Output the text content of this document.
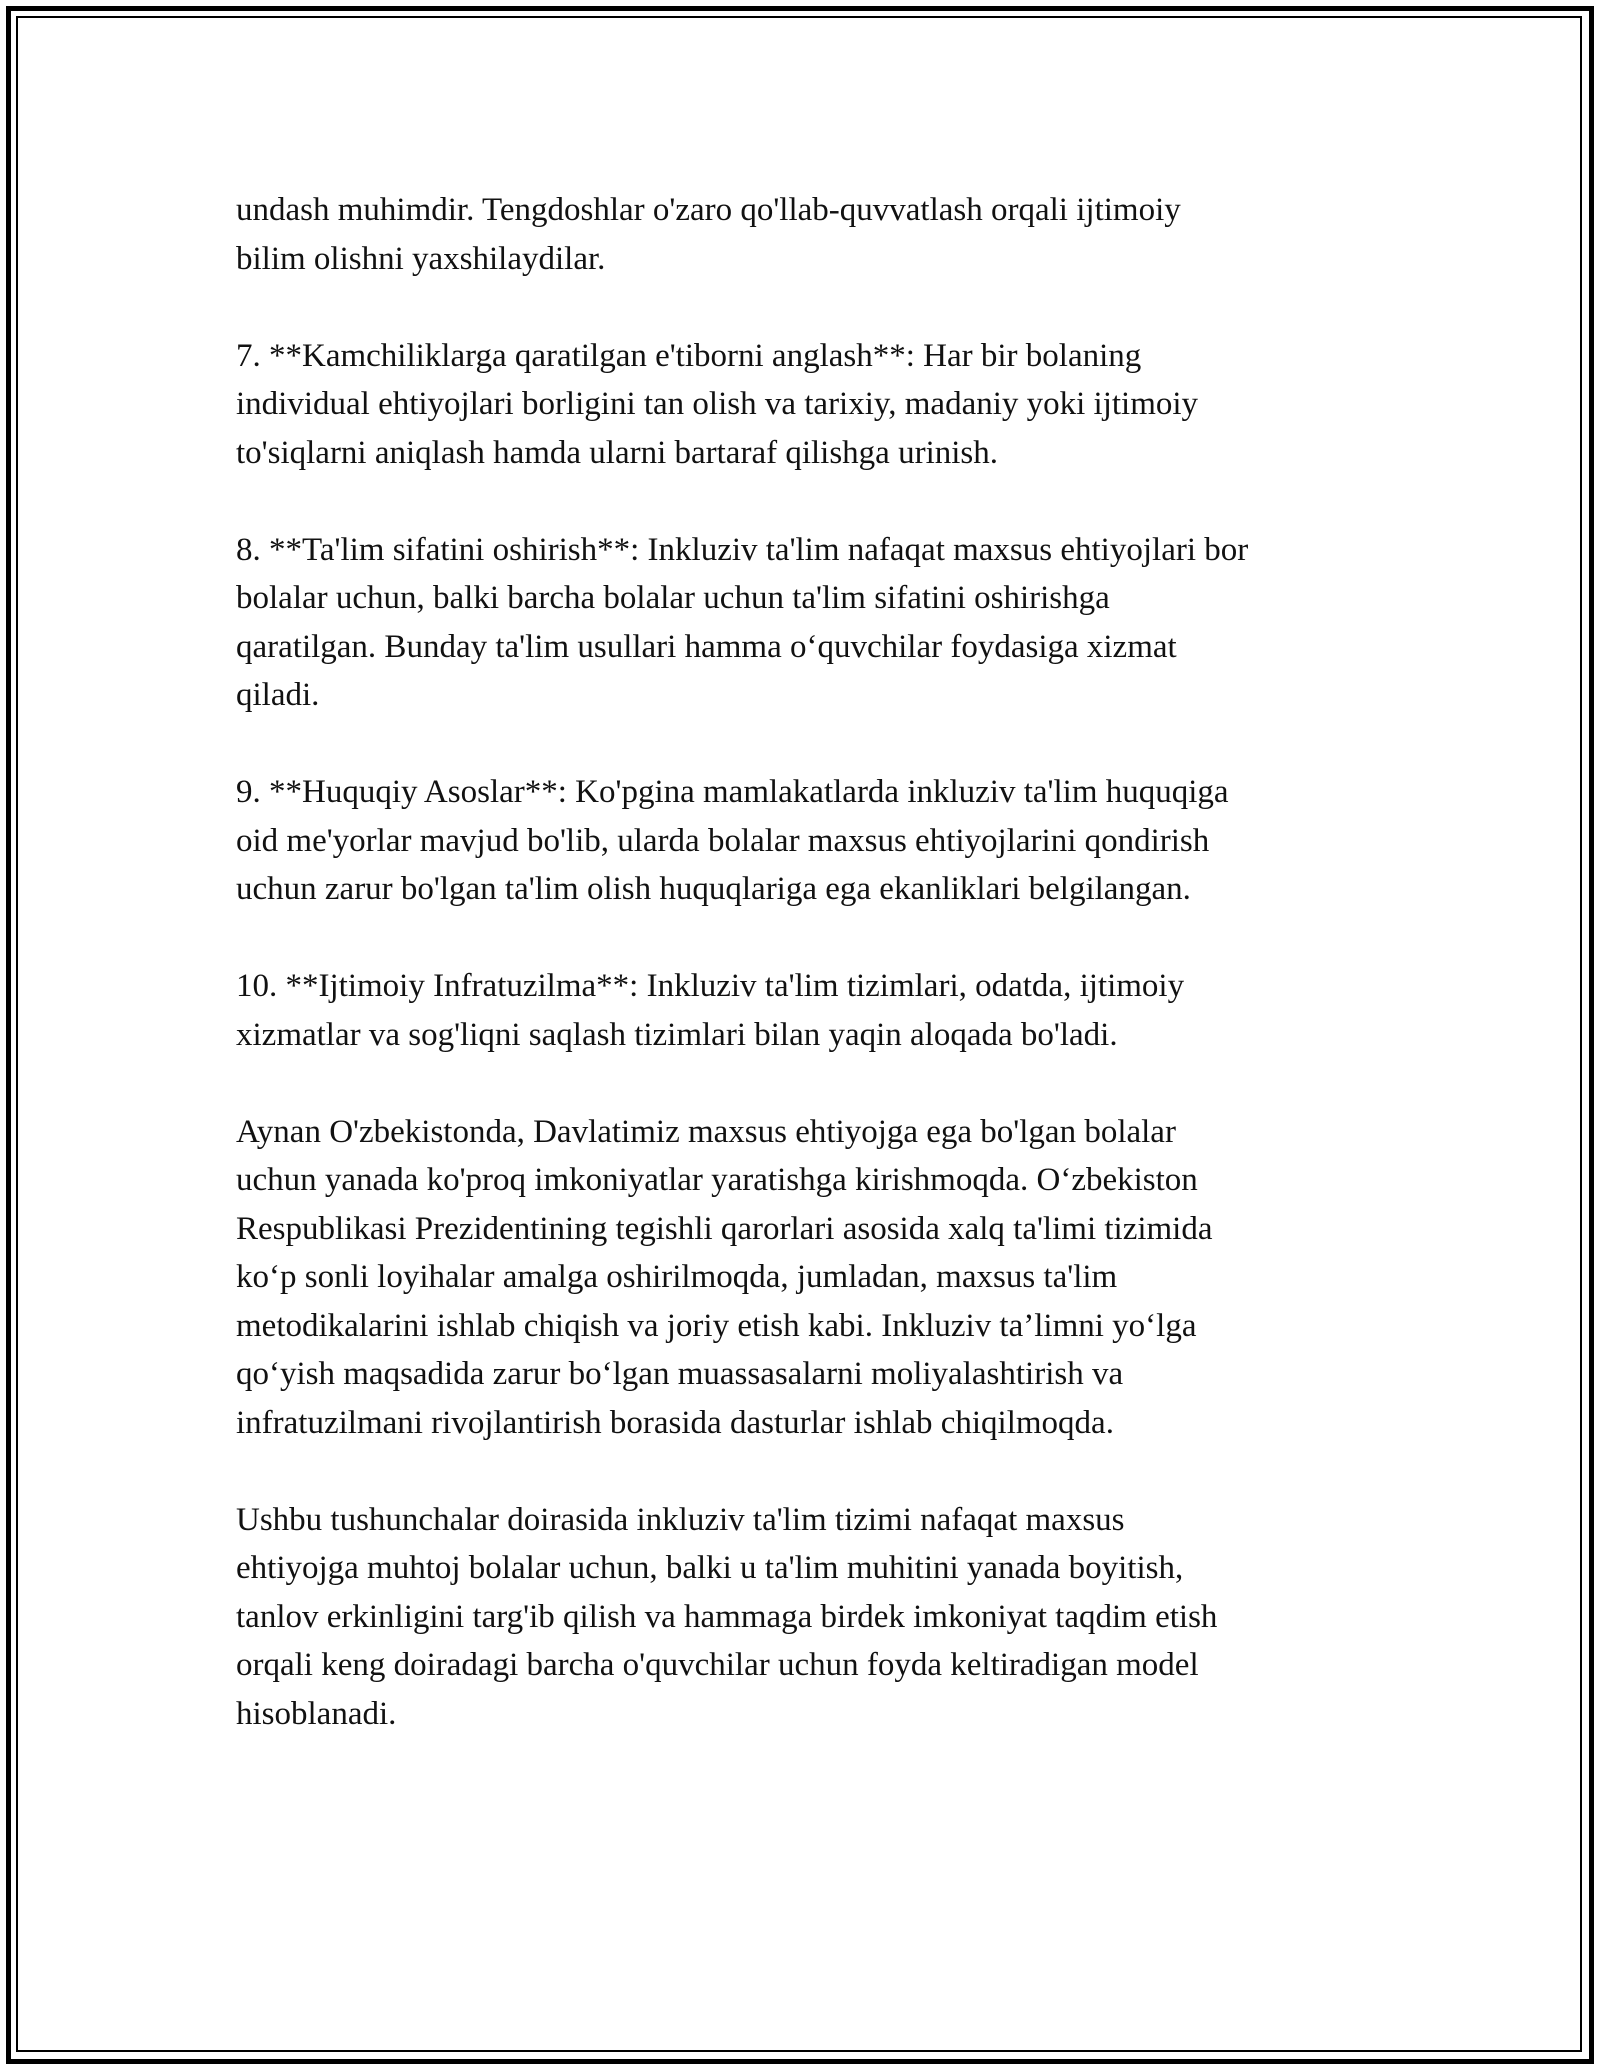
undash muhimdir. Tengdoshlar o'zaro qo'llab-quvvatlash orqali ijtimoiy
bilim olishni yaxshilaydilar.
7. **Kamchiliklarga qaratilgan e'tiborni anglash**: Har bir bolaning
individual ehtiyojlari borligini tan olish va tarixiy, madaniy yoki ijtimoiy
to'siqlarni aniqlash hamda ularni bartaraf qilishga urinish.
8. **Ta'lim sifatini oshirish**: Inkluziv ta'lim nafaqat maxsus ehtiyojlari bor
bolalar uchun, balki barcha bolalar uchun ta'lim sifatini oshirishga
qaratilgan. Bunday ta'lim usullari hamma o‘quvchilar foydasiga xizmat
qiladi.
9. **Huquqiy Asoslar**: Ko'pgina mamlakatlarda inkluziv ta'lim huquqiga
oid me'yorlar mavjud bo'lib, ularda bolalar maxsus ehtiyojlarini qondirish
uchun zarur bo'lgan ta'lim olish huquqlariga ega ekanliklari belgilangan.
10. **Ijtimoiy Infratuzilma**: Inkluziv ta'lim tizimlari, odatda, ijtimoiy
xizmatlar va sog'liqni saqlash tizimlari bilan yaqin aloqada bo'ladi.
Aynan O'zbekistonda, Davlatimiz maxsus ehtiyojga ega bo'lgan bolalar
uchun yanada ko'proq imkoniyatlar yaratishga kirishmoqda. O‘zbekiston
Respublikasi Prezidentining tegishli qarorlari asosida xalq ta'limi tizimida
ko‘p sonli loyihalar amalga oshirilmoqda, jumladan, maxsus ta'lim
metodikalarini ishlab chiqish va joriy etish kabi. Inkluziv ta’limni yo‘lga
qo‘yish maqsadida zarur bo‘lgan muassasalarni moliyalashtirish va
infratuzilmani rivojlantirish borasida dasturlar ishlab chiqilmoqda.
Ushbu tushunchalar doirasida inkluziv ta'lim tizimi nafaqat maxsus
ehtiyojga muhtoj bolalar uchun, balki u ta'lim muhitini yanada boyitish,
tanlov erkinligini targ'ib qilish va hammaga birdek imkoniyat taqdim etish
orqali keng doiradagi barcha o'quvchilar uchun foyda keltiradigan model
hisoblanadi.
